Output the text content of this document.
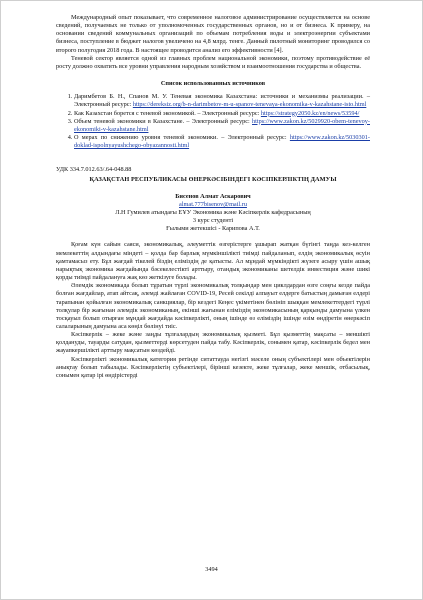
Международный опыт показывает, что современное налоговое администрирование осуществляется на основе сведений, получаемых не только от уполномоченных государственных органов, но и от бизнеса. К примеру, на основании сведений коммунальных организаций по объемам потребления воды и электроэнергии субъектами бизнеса, поступление в бюджет налогов увеличено на 4,8 млрд. тенге. Данный пилотный мониторинг проводился со второго полугодия 2018 года. В настоящее проводится анализ его эффективности [4].

Теневой сектор является одной из главных проблем национальной экономики, поэтому противодействие её росту должно охватить все уровни управления народным хозяйством и взаимоотношения государства и общества.

Список использованных источников
1. Даримбетов Б. Н., Спанов М. У. Теневая экономика Казахстана: источники и механизмы реализации. – Электронный ресурс: https://dereksiz.org/b-n-darimbetov-m-u-spanov-tenevaya-ekonomika-v-kazahstane-isto.html
2. Как Казахстан борется с теневой экономикой. – Электронный ресурс: https://strategy2050.kz/en/news/53594/
3. Объем теневой экономики в Казахстане. – Электронный ресурс: https://www.zakon.kz/5029920-obem-tenevoy-ekonomiki-v-kazahstane.html
4. О мерах по снижению уровня теневой экономики. – Электронный ресурс: https://www.zakon.kz/5030301-doklad-ispolnyayushchego-obyazannosti.html

УДК 334.7.012.63/.64-048.88

ҚАЗАҚСТАН РЕСПУБЛИКАСЫ ӨНЕРКӘСІБІНДЕГІ КӘСІПКЕРЛІКТІҢ ДАМУЫ

Бисенов Алмат Аскарович

almat.777bisenov@mail.ru

Л.Н Гумилев атындағы ЕҰУ Экономика және Кәсіпкерлік кафедрасының

3 курс студенті

Ғылыми жетекшісі - Карипова А.Т.

Қоғам күн сайын саяси, экономикалық, әлеуметтік өзгерістерге ұшырап жатқан бүгінгі таңда кез-келген мемлекеттің алдындағы міндеті – қолда бар барлық мүмкіншілікті тиімді пайдаланып, елдің экономикалық өсуін қамтамасыз ету. Бұл жағдай тікелей біздің еліміздің де қатысты. Ал мұндай мүмкіндікті жүзеге асыру үшін ашық нарықтық экономика жағдайында бәсекелестікті арттыру, отандық экономиканы шетелдік инвестиция және шикі қорды тиімді пайдалануға жақ көз жеткізуге болады.

Әлемдік экономикада болып тұратын түрлі экономикалық толқындар мен циклдардан өзге соңғы кезде пайда болған жағдайлар, атап айтсақ, әлемді жайлаған COVID-19, Ресей секілді алпауыт елдерге батыстың дамыған елдері тарапынан қойылған экономикалық санкциялар, бір кездегі Кеңес үкіметінен бөлініп шыққан мемлекеттердегі түрлі толқулар бір жағынан әлемдік экономиканың, екінші жағынан еліміздің экономикасының қарқынды дамуына үлкен тосқауыл болып отырған мұндай жағдайда кәсіпкерлікті, оның ішінде өз еліміздің ішінде өзім өндіретін өнеркәсіп салаларының дамуына аса көңіл бөлінуі тиіс.

Кәсіпкерлік – жеке және заңды тұлғалардың экономикалық қызметі. Бұл қызметтің мақсаты – меншікті қолдануды, тауарды сатудан, қызметтерді көрсетуден пайда табу. Кәсіпкерлік, сонымен қатар, кәсіпкерлік бедел мен жауапкершілікті арттыру мақсатын көздейді.

Кәсіпкерлікті экономикалық категория ретінде ситаттауда негізгі мәселе оның субъектілері мен объектілерін анықтау болып табылады. Кәсіпкерліктің субъектілері, біріншi кезекте, жеке тұлғалар, жеке меншік, отбасылық, сонымен қатар ірі өндірістерді

3494
